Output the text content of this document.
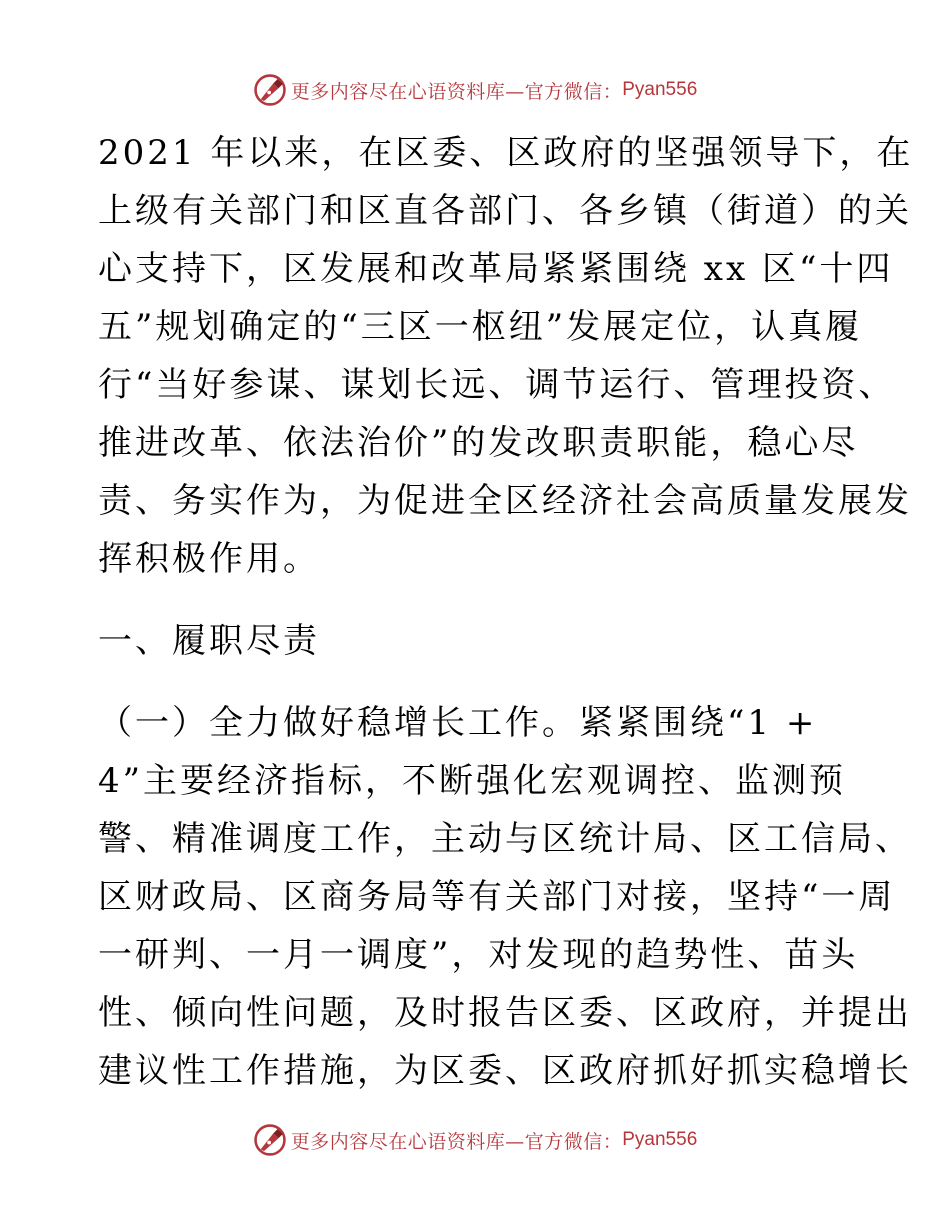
更多内容尽在心语资料库—官方微信： Pyan556
2021 年以来，在区委、区政府的坚强领导下，在
上级有关部门和区直各部门、各乡镇（街道）的关
心支持下，区发展和改革局紧紧围绕 xx 区“十四
五”规划确定的“三区一枢纽”发展定位，认真履
行“当好参谋、谋划长远、调节运行、管理投资、
推进改革、依法治价”的发改职责职能，稳心尽
责、务实作为，为促进全区经济社会高质量发展发
挥积极作用。
一、履职尽责
（一）全力做好稳增长工作。紧紧围绕“1 +
4”主要经济指标，不断强化宏观调控、监测预
警、精准调度工作，主动与区统计局、区工信局、
区财政局、区商务局等有关部门对接，坚持“一周
一研判、一月一调度”，对发现的趋势性、苗头
性、倾向性问题，及时报告区委、区政府，并提出
建议性工作措施，为区委、区政府抓好抓实稳增长
更多内容尽在心语资料库—官方微信： Pyan556
